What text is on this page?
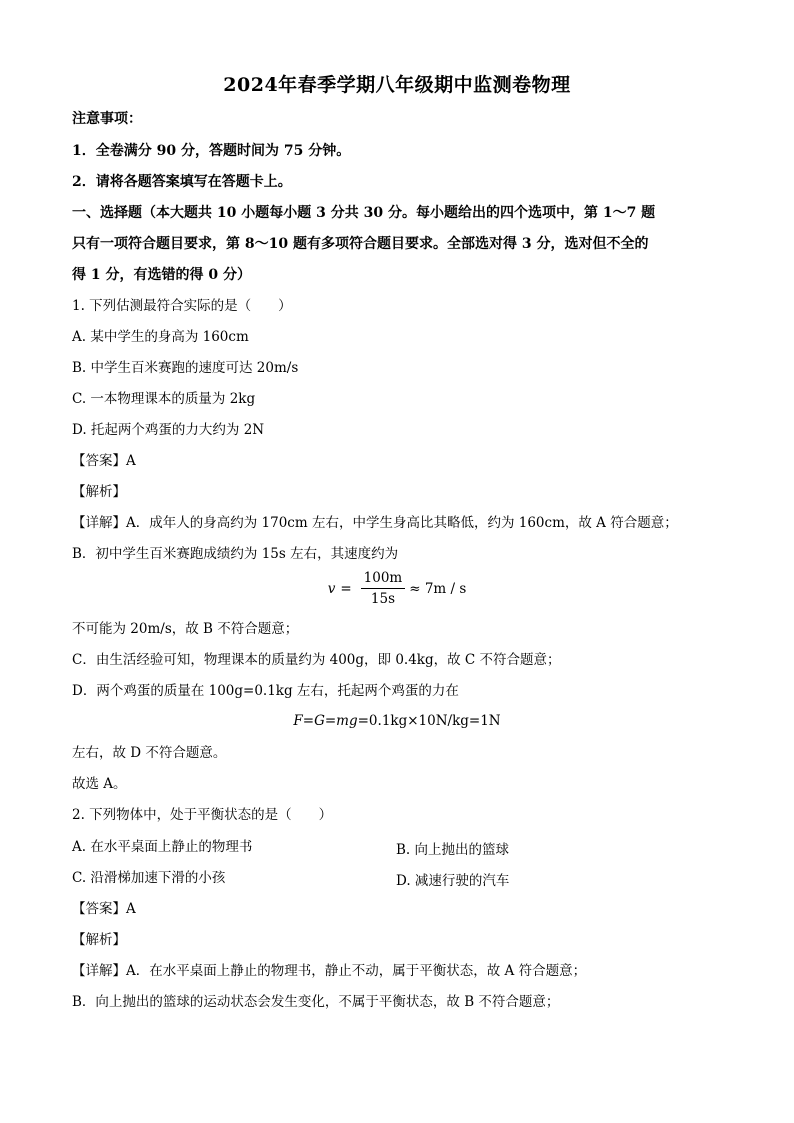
2024年春季学期八年级期中监测卷物理
注意事项：
1．全卷满分 90 分，答题时间为 75 分钟。
2．请将各题答案填写在答题卡上。
一、选择题（本大题共 10 小题每小题 3 分共 30 分。每小题给出的四个选项中，第 1～7 题
只有一项符合题目要求，第 8～10 题有多项符合题目要求。全部选对得 3 分，选对但不全的
得 1 分，有选错的得 0 分）
1. 下列估测最符合实际的是（　　）
A. 某中学生的身高为 160cm
B. 中学生百米赛跑的速度可达 20m/s
C. 一本物理课本的质量为 2kg
D. 托起两个鸡蛋的力大约为 2N
【答案】A
【解析】
【详解】A．成年人的身高约为 170cm 左右，中学生身高比其略低，约为 160cm，故 A 符合题意；
B．初中学生百米赛跑成绩约为 15s 左右，其速度约为
$v = \frac{100m}{15s} \approx 7m / s$
不可能为 20m/s，故 B 不符合题意；
C．由生活经验可知，物理课本的质量约为 400g，即 0.4kg，故 C 不符合题意；
D．两个鸡蛋的质量在 100g=0.1kg 左右，托起两个鸡蛋的力在
F = G = mg =0.1kg×10N/kg=1N
左右，故 D 不符合题意。
故选 A。
2. 下列物体中，处于平衡状态的是（　　）
A. 在水平桌面上静止的物理书	B. 向上抛出的篮球
C. 沿滑梯加速下滑的小孩	D. 减速行驶的汽车
【答案】A
【解析】
【详解】A．在水平桌面上静止的物理书，静止不动，属于平衡状态，故 A 符合题意；
B．向上抛出的篮球的运动状态会发生变化，不属于平衡状态，故 B 不符合题意；
